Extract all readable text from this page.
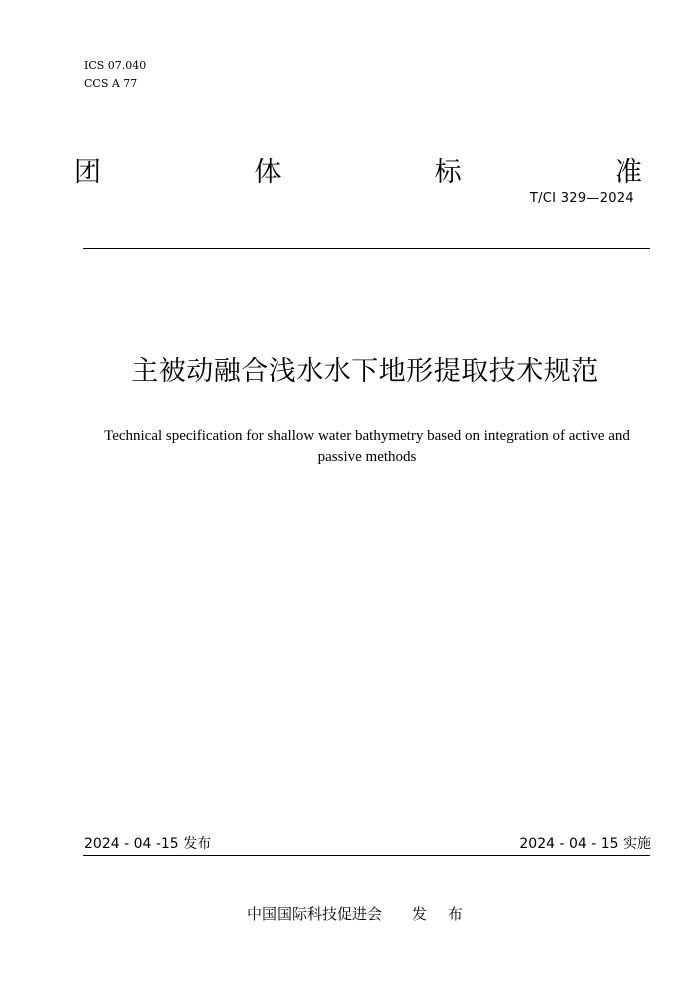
ICS 07.040
CCS A 77
团	体	标	准
T/CI 329—2024
主被动融合浅水水下地形提取技术规范
Technical specification for shallow water bathymetry based on integration of active and passive methods
2024 - 04 -15 发布	2024 - 04 - 15 实施
中国国际科技促进会 发 布
